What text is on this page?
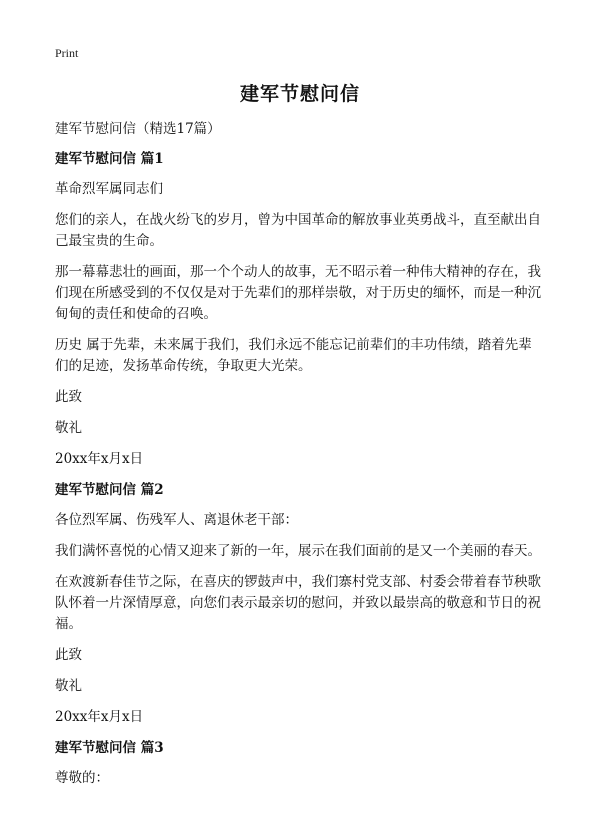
Print
建军节慰问信

建军节慰问信（精选17篇）

建军节慰问信 篇1

革命烈军属同志们

您们的亲人，在战火纷飞的岁月，曾为中国革命的解放事业英勇战斗，直至献出自己最宝贵的生命。

那一幕幕悲壮的画面，那一个个动人的故事，无不昭示着一种伟大精神的存在，我们现在所感受到的不仅仅是对于先辈们的那样崇敬，对于历史的缅怀，而是一种沉甸甸的责任和使命的召唤。

历史 属于先辈，未来属于我们，我们永远不能忘记前辈们的丰功伟绩，踏着先辈们的足迹，发扬革命传统，争取更大光荣。

此致

敬礼

20xx年x月x日

建军节慰问信 篇2

各位烈军属、伤残军人、离退休老干部：

我们满怀喜悦的心情又迎来了新的一年，展示在我们面前的是又一个美丽的春天。

在欢渡新春佳节之际，在喜庆的锣鼓声中，我们寨村党支部、村委会带着春节秧歌队怀着一片深情厚意，向您们表示最亲切的慰问，并致以最崇高的敬意和节日的祝福。

此致

敬礼

20xx年x月x日

建军节慰问信 篇3

尊敬的：
